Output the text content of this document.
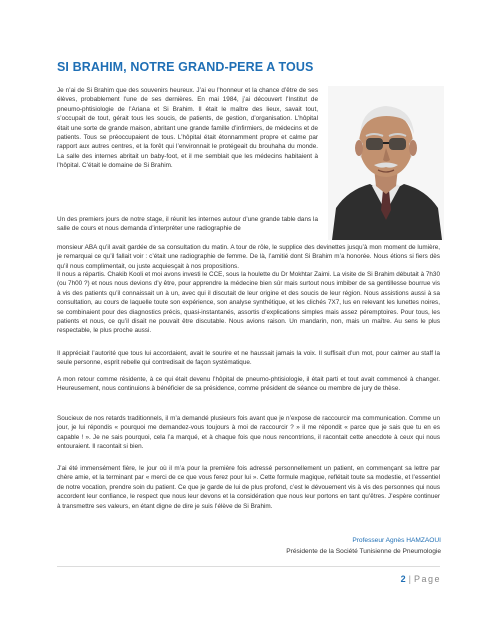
SI BRAHIM, NOTRE GRAND-PERE A TOUS
Je n’ai de Si Brahim que des souvenirs heureux. J’ai eu l’honneur et la chance d’être de ses élèves, probablement l’une de ses dernières. En mai 1984, j’ai découvert l’Institut de pneumo-phtisiologie de l’Ariana et Si Brahim. Il était le maître des lieux, savait tout, s’occupait de tout, gérait tous les soucis, de patients, de gestion, d’organisation. L’hôpital était une sorte de grande maison, abritant une grande famille d’infirmiers, de médecins et de patients. Tous se préoccupaient de tous. L’hôpital était étonnamment propre et calme par rapport aux autres centres, et la forêt qui l’environnait le protégeait du brouhaha du monde. La salle des internes abritait un baby-foot, et il me semblait que les médecins habitaient à l’hôpital. C’était le domaine de Si Brahim.
Un des premiers jours de notre stage, il réunit les internes autour d’une grande table dans la salle de cours et nous demanda d’interpréter une radiographie de
monsieur ABA qu’il avait gardée de sa consultation du matin. A tour de rôle, le supplice des devinettes jusqu’à mon moment de lumière, je remarquai ce qu’il fallait voir : c’était une radiographie de femme. De là, l’amitié dont Si Brahim m’a honorée. Nous étions si fiers dès qu’il nous complimentait, ou juste acquiesçait à nos propositions.
Il nous a répartis. Chakib Kooli et moi avons investi le CCE, sous la houlette du Dr Mokhtar Zaimi. La visite de Si Brahim débutait à 7h30 (ou 7h00 ?) et nous nous devions d’y être, pour apprendre la médecine bien sûr mais surtout nous imbiber de sa gentillesse bourrue vis à vis des patients qu’il connaissait un à un, avec qui il discutait de leur origine et des soucis de leur région. Nous assistions aussi à sa consultation, au cours de laquelle toute son expérience, son analyse synthétique, et les clichés 7X7, lus en relevant les lunettes noires, se combinaient pour des diagnostics précis, quasi-instantanés, assortis d’explications simples mais assez péremptoires. Pour tous, les patients et nous, ce qu’il disait ne pouvait être discutable. Nous avions raison. Un mandarin, non, mais un maître. Au sens le plus respectable, le plus proche aussi.
Il appréciait l’autorité que tous lui accordaient, avait le sourire et ne haussait jamais la voix. Il suffisait d’un mot, pour calmer au staff la seule personne, esprit rebelle qui contredisait de façon systématique.
A mon retour comme résidente, à ce qui était devenu l’hôpital de pneumo-phtisiologie, il était parti et tout avait commencé à changer. Heureusement, nous continuions à bénéficier de sa présidence, comme président de séance ou membre de jury de thèse.
Soucieux de nos retards traditionnels, il m’a demandé plusieurs fois avant que je n’expose de raccourcir ma communication. Comme un jour, je lui répondis « pourquoi me demandez-vous toujours à moi de raccourcir ? » il me répondit « parce que je sais que tu en es capable ! ». Je ne sais pourquoi, cela l’a marqué, et à chaque fois que nous rencontrions, il racontait cette anecdote à ceux qui nous entouraient. Il racontait si bien.
J’ai été immensément fière, le jour où il m’a pour la première fois adressé personnellement un patient, en commençant sa lettre par chère amie, et la terminant par « merci de ce que vous ferez pour lui ». Cette formule magique, reflétait toute sa modestie, et l’essentiel de notre vocation, prendre soin du patient. Ce que je garde de lui de plus profond, c’est le dévouement vis à vis des personnes qui nous accordent leur confiance, le respect que nous leur devons et la considération que nous leur portons en tant qu’êtres. J’espère continuer à transmettre ses valeurs, en étant digne de dire je suis l’élève de Si Brahim.
Professeur Agnès HAMZAOUI
Présidente de la Société Tunisienne de Pneumologie
2 | Page
